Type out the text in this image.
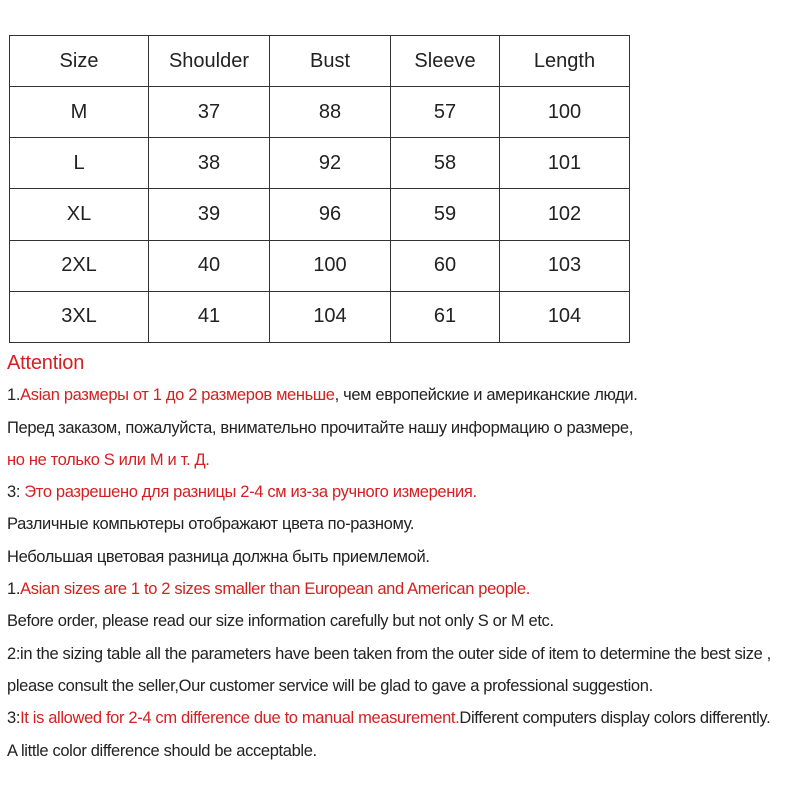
Size	Shoulder	Bust	Sleeve	Length
M	37	88	57	100
L	38	92	58	101
XL	39	96	59	102
2XL	40	100	60	103
3XL	41	104	61	104
Attention
1.Asian размеры от 1 до 2 размеров меньше, чем европейские и американские люди.
Перед заказом, пожалуйста, внимательно прочитайте нашу информацию о размере,
но не только S или M и т. Д.
3: Это разрешено для разницы 2-4 см из-за ручного измерения.
Различные компьютеры отображают цвета по-разному.
Небольшая цветовая разница должна быть приемлемой.
1.Asian sizes are 1 to 2 sizes smaller than European and American people.
Before order, please read our size information carefully but not only S or M etc.
2:in the sizing table all the parameters have been taken from the outer side of item to determine the best size ,
please consult the seller,Our customer service will be glad to gave a professional suggestion.
3:It is allowed for 2-4 cm difference due to manual measurement.Different computers display colors differently.
A little color difference should be acceptable.
